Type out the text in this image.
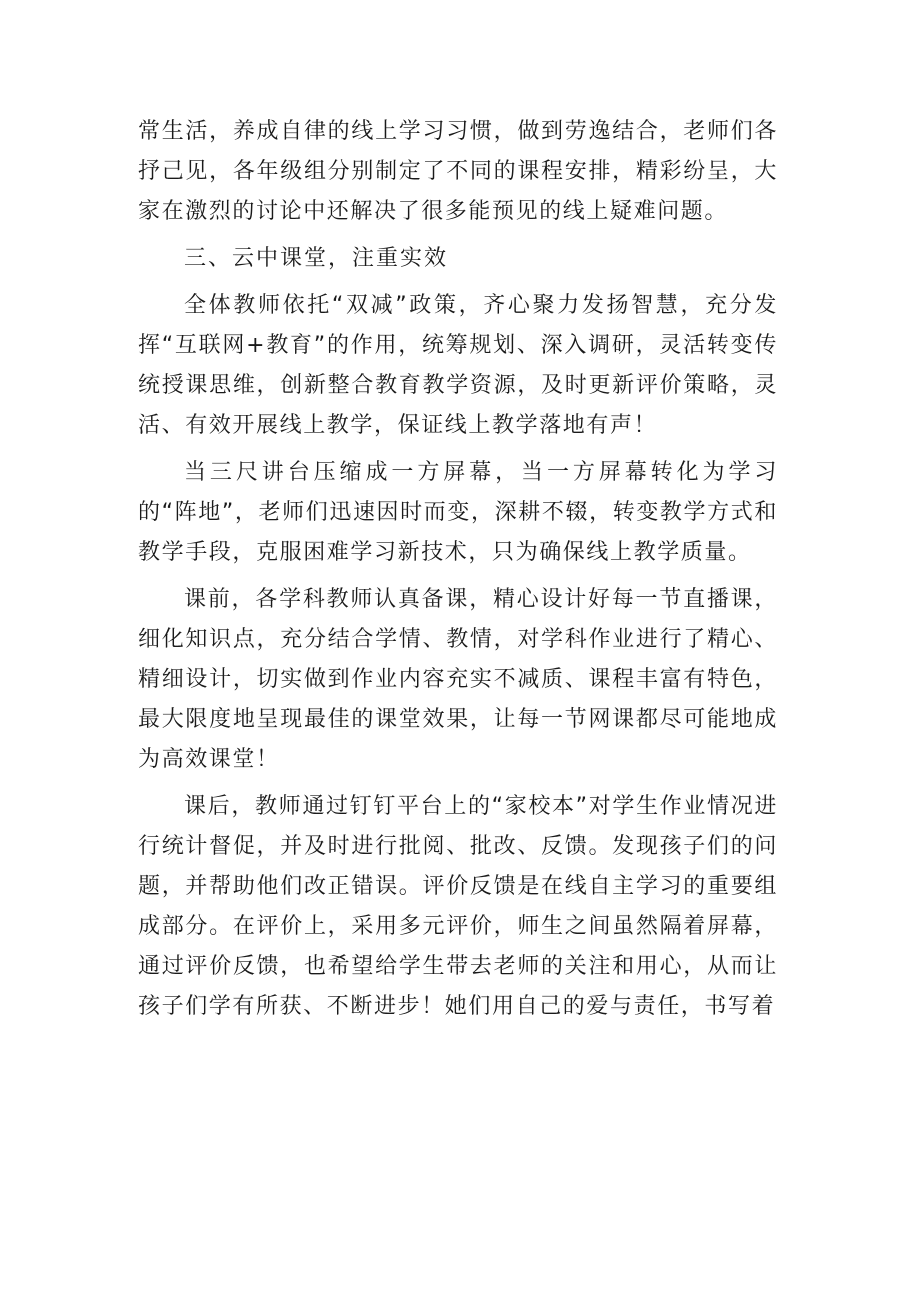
常生活，养成自律的线上学习习惯，做到劳逸结合，老师们各抒己见，各年级组分别制定了不同的课程安排，精彩纷呈，大家在激烈的讨论中还解决了很多能预见的线上疑难问题。

三、云中课堂，注重实效

全体教师依托“双减”政策，齐心聚力发扬智慧，充分发挥“互联网+教育”的作用，统筹规划、深入调研，灵活转变传统授课思维，创新整合教育教学资源，及时更新评价策略，灵活、有效开展线上教学，保证线上教学落地有声！

当三尺讲台压缩成一方屏幕，当一方屏幕转化为学习的“阵地”，老师们迅速因时而变，深耕不辍，转变教学方式和教学手段，克服困难学习新技术，只为确保线上教学质量。

课前，各学科教师认真备课，精心设计好每一节直播课，细化知识点，充分结合学情、教情，对学科作业进行了精心、精细设计，切实做到作业内容充实不减质、课程丰富有特色，最大限度地呈现最佳的课堂效果，让每一节网课都尽可能地成为高效课堂！

课后，教师通过钉钉平台上的“家校本”对学生作业情况进行统计督促，并及时进行批阅、批改、反馈。发现孩子们的问题，并帮助他们改正错误。评价反馈是在线自主学习的重要组成部分。在评价上，采用多元评价，师生之间虽然隔着屏幕，通过评价反馈，也希望给学生带去老师的关注和用心，从而让孩子们学有所获、不断进步！她们用自己的爱与责任，书写着
